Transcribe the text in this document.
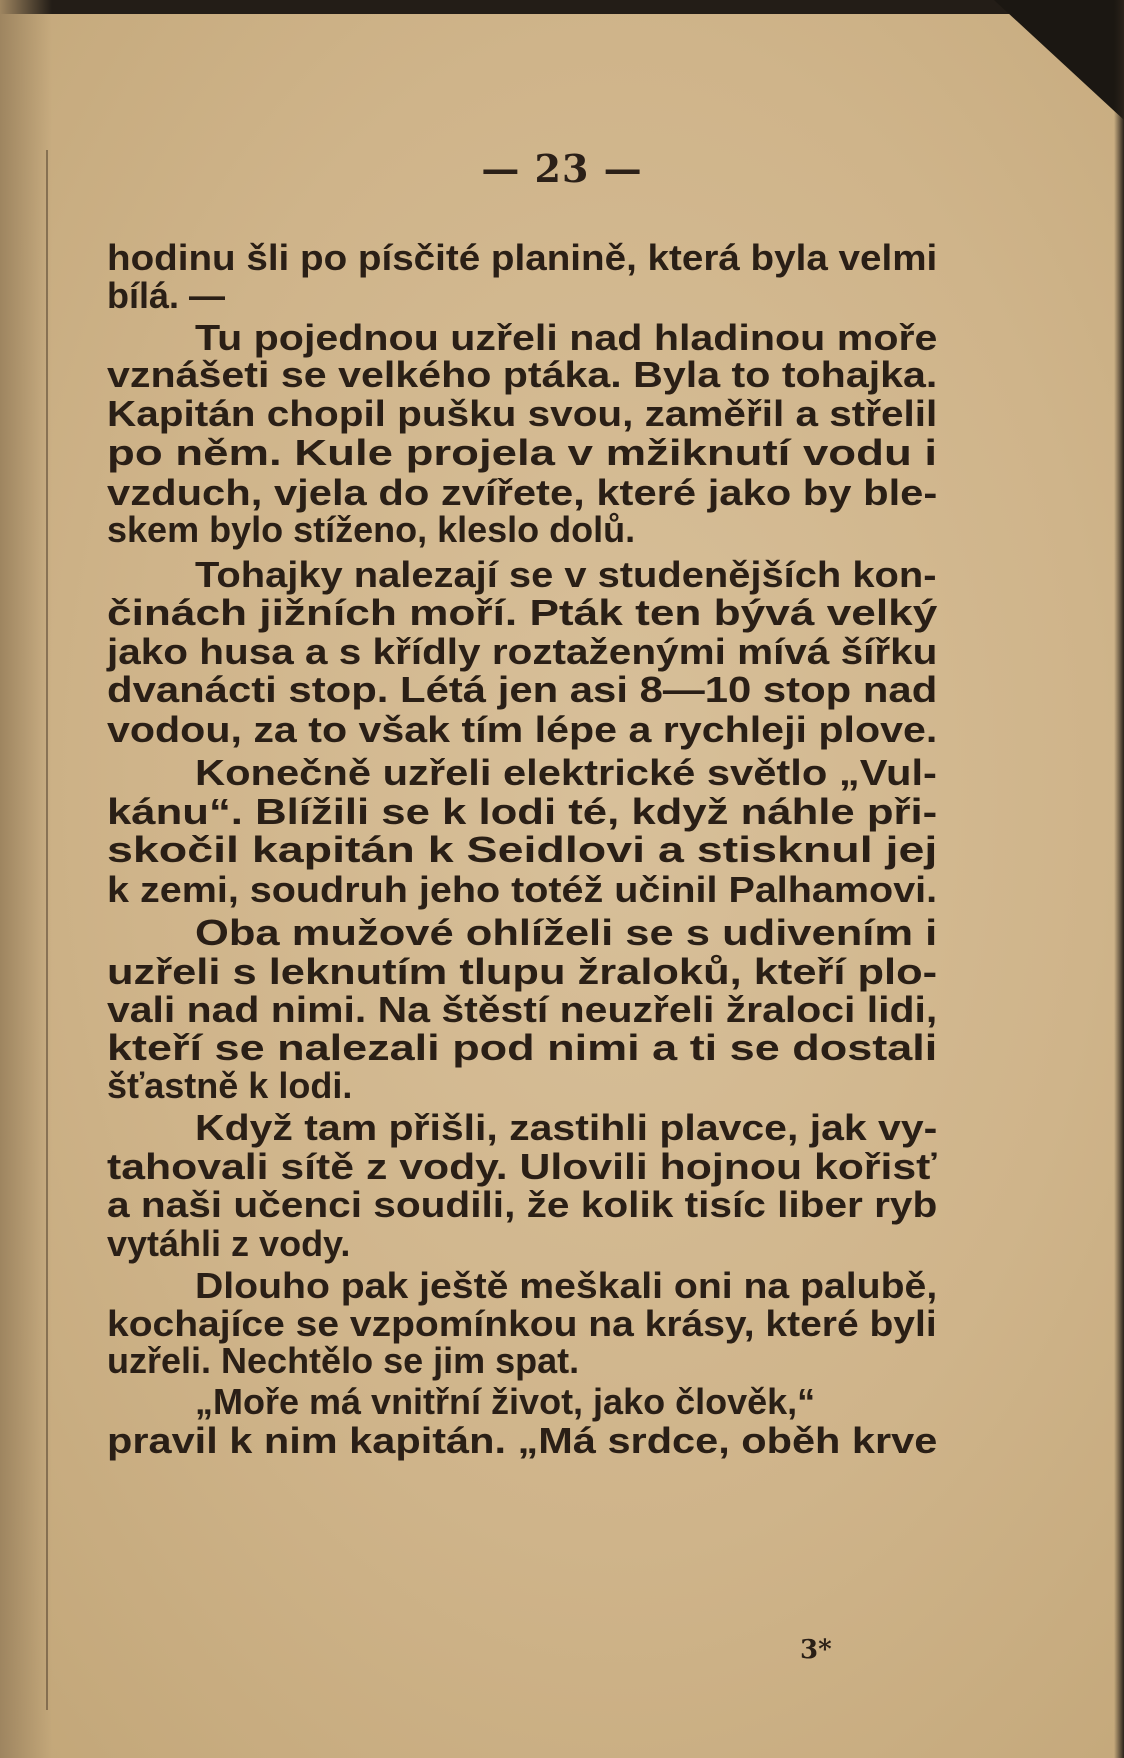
— 23 —
hodinu šli po písčité planině, která byla velmi
bílá. —
Tu pojednou uzřeli nad hladinou moře
vznášeti se velkého ptáka. Byla to tohajka.
Kapitán chopil pušku svou, zaměřil a střelil
po něm. Kule projela v mžiknutí vodu i
vzduch, vjela do zvířete, které jako by ble-
skem bylo stíženo, kleslo dolů.
Tohajky nalezají se v studenějších kon-
činách jižních moří. Pták ten bývá velký
jako husa a s křídly roztaženými mívá šířku
dvanácti stop. Létá jen asi 8—10 stop nad
vodou, za to však tím lépe a rychleji plove.
Konečně uzřeli elektrické světlo „Vul-
kánu“. Blížili se k lodi té, když náhle při-
skočil kapitán k Seidlovi a stisknul jej
k zemi, soudruh jeho totéž učinil Palhamovi.
Oba mužové ohlíželi se s udivením i
uzřeli s leknutím tlupu žraloků, kteří plo-
vali nad nimi. Na štěstí neuzřeli žraloci lidi,
kteří se nalezali pod nimi a ti se dostali
šťastně k lodi.
Když tam přišli, zastihli plavce, jak vy-
tahovali sítě z vody. Ulovili hojnou kořisť
a naši učenci soudili, že kolik tisíc liber ryb
vytáhli z vody.
Dlouho pak ještě meškali oni na palubě,
kochajíce se vzpomínkou na krásy, které byli
uzřeli. Nechtělo se jim spat.
„Moře má vnitřní život, jako člověk,“
pravil k nim kapitán. „Má srdce, oběh krve
3*
